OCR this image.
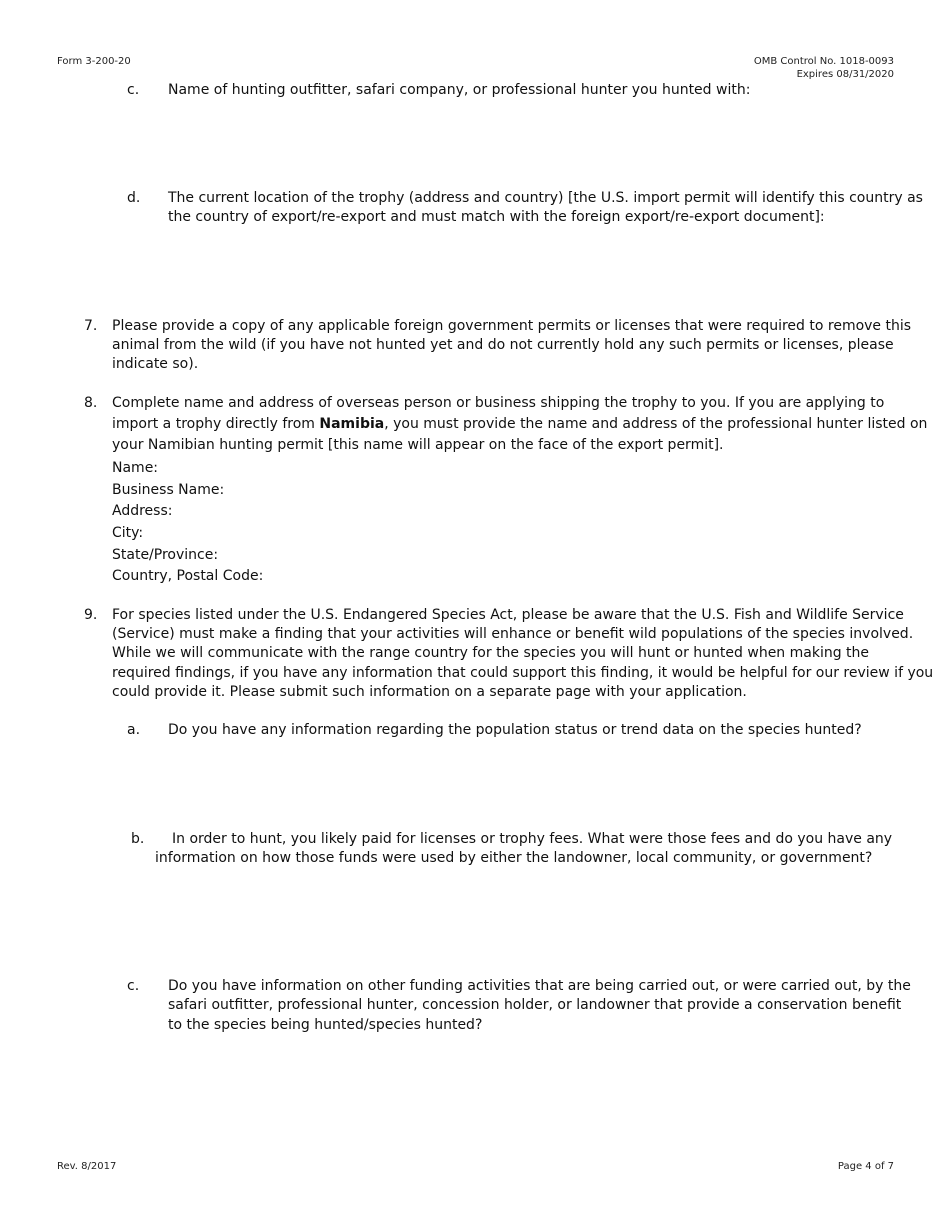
Form 3-200-20	OMB Control No. 1018-0093
Expires 08/31/2020
c. Name of hunting outfitter, safari company, or professional hunter you hunted with:
d. The current location of the trophy (address and country) [the U.S. import permit will identify this country as
the country of export/re-export and must match with the foreign export/re-export document]:
7. Please provide a copy of any applicable foreign government permits or licenses that were required to remove this
animal from the wild (if you have not hunted yet and do not currently hold any such permits or licenses, please
indicate so).
8. Complete name and address of overseas person or business shipping the trophy to you. If you are applying to
import a trophy directly from Namibia, you must provide the name and address of the professional hunter listed on
your Namibian hunting permit [this name will appear on the face of the export permit].
Name:
Business Name:
Address:
City:
State/Province:
Country, Postal Code:
9. For species listed under the U.S. Endangered Species Act, please be aware that the U.S. Fish and Wildlife Service
(Service) must make a finding that your activities will enhance or benefit wild populations of the species involved.
While we will communicate with the range country for the species you will hunt or hunted when making the
required findings, if you have any information that could support this finding, it would be helpful for our review if you
could provide it. Please submit such information on a separate page with your application.
a. Do you have any information regarding the population status or trend data on the species hunted?
b. In order to hunt, you likely paid for licenses or trophy fees. What were those fees and do you have any
information on how those funds were used by either the landowner, local community, or government?
c. Do you have information on other funding activities that are being carried out, or were carried out, by the
safari outfitter, professional hunter, concession holder, or landowner that provide a conservation benefit
to the species being hunted/species hunted?
Rev. 8/2017	Page 4 of 7
